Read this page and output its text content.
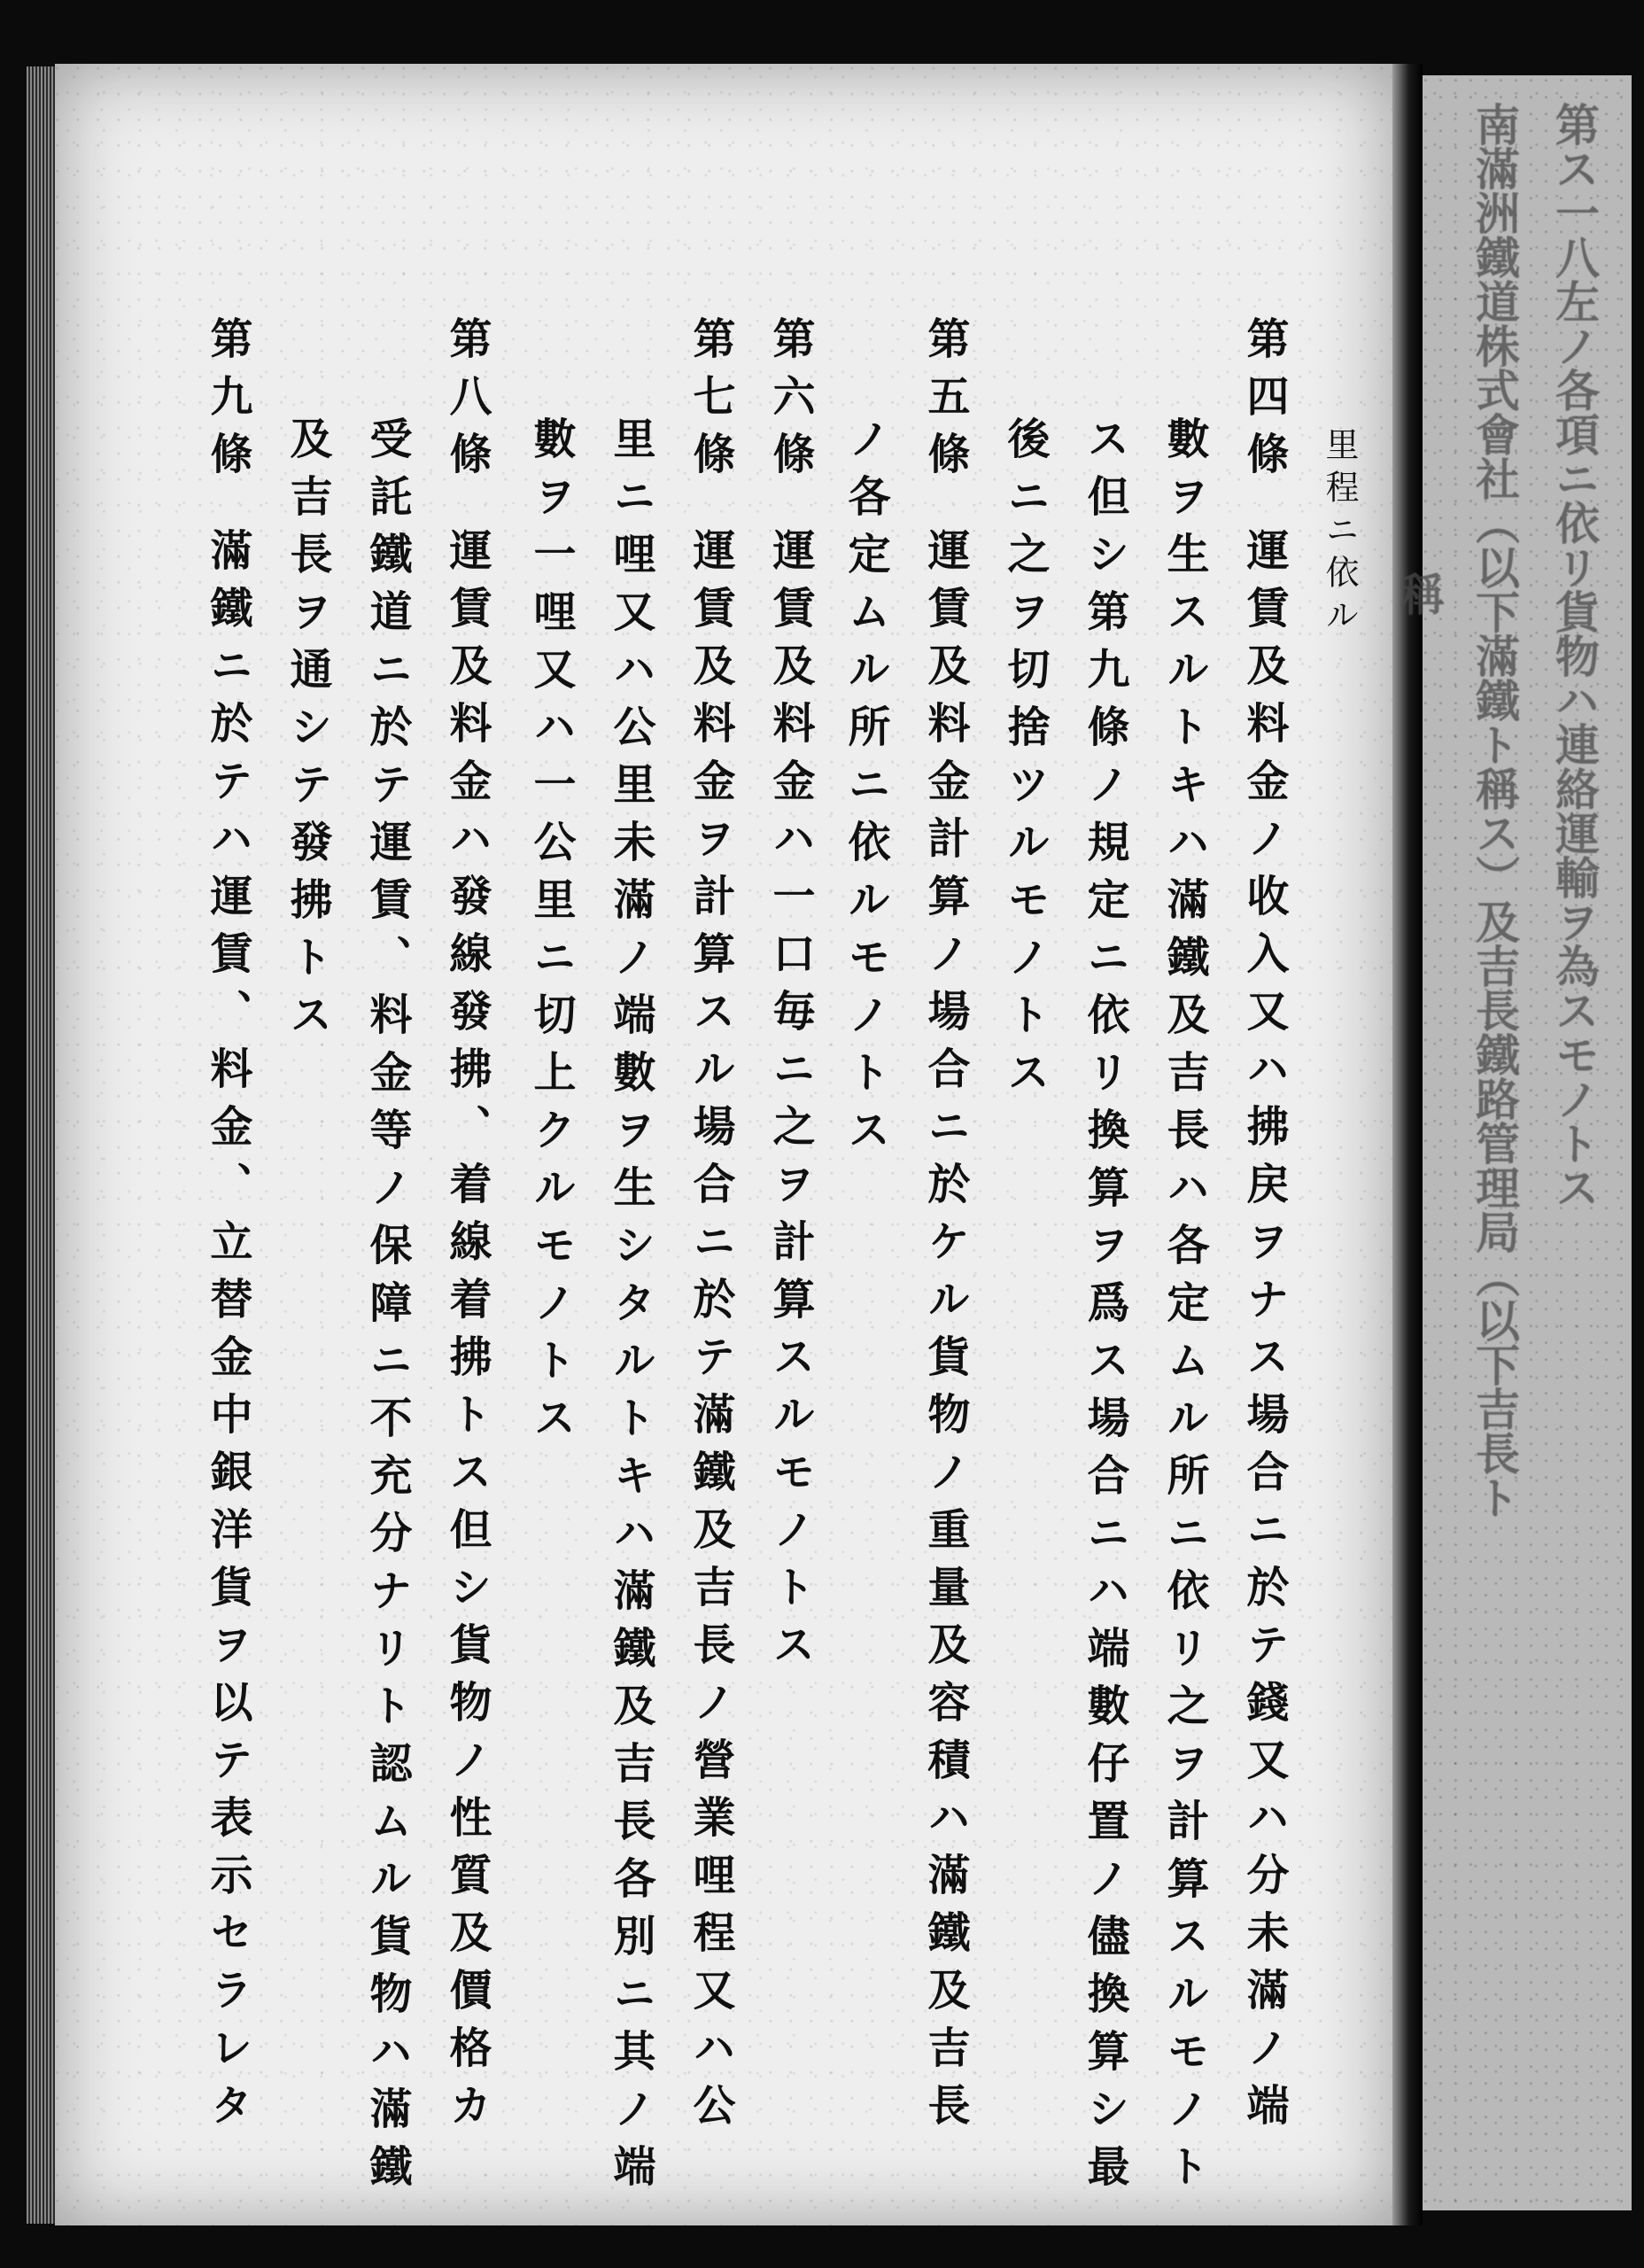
里程ニ依ル
第四條運賃及料金ノ收入又ハ拂戻ヲナス場合ニ於テ錢又ハ分未滿ノ端
數ヲ生スルトキハ滿鐵及吉長ハ各定ムル所ニ依リ之ヲ計算スルモノト
ス但シ第九條ノ規定ニ依リ換算ヲ爲ス場合ニハ端數仔置ノ儘換算シ最
後ニ之ヲ切捨ツルモノトス
第五條運賃及料金計算ノ場合ニ於ケル貨物ノ重量及容積ハ滿鐵及吉長
ノ各定ムル所ニ依ルモノトス
第六條運賃及料金ハ一口毎ニ之ヲ計算スルモノトス
第七條運賃及料金ヲ計算スル場合ニ於テ滿鐵及吉長ノ營業哩程又ハ公
里ニ哩又ハ公里未滿ノ端數ヲ生シタルトキハ滿鐵及吉長各別ニ其ノ端
數ヲ一哩又ハ一公里ニ切上クルモノトス
第八條運賃及料金ハ發線發拂、着線着拂トス但シ貨物ノ性質及價格カ
受託鐵道ニ於テ運賃、料金等ノ保障ニ不充分ナリト認ムル貨物ハ滿鐵
及吉長ヲ通シテ發拂トス
第九條滿鐵ニ於テハ運賃、料金、立替金中銀洋貨ヲ以テ表示セラレタ	第ス一八左ノ各項ニ依リ貨物ハ連絡運輸ヲ為スモノトス
南滿洲鐵道株式會社（以下滿鐵ト稱ス）及吉長鐵路管理局（以下吉長ト
稱
